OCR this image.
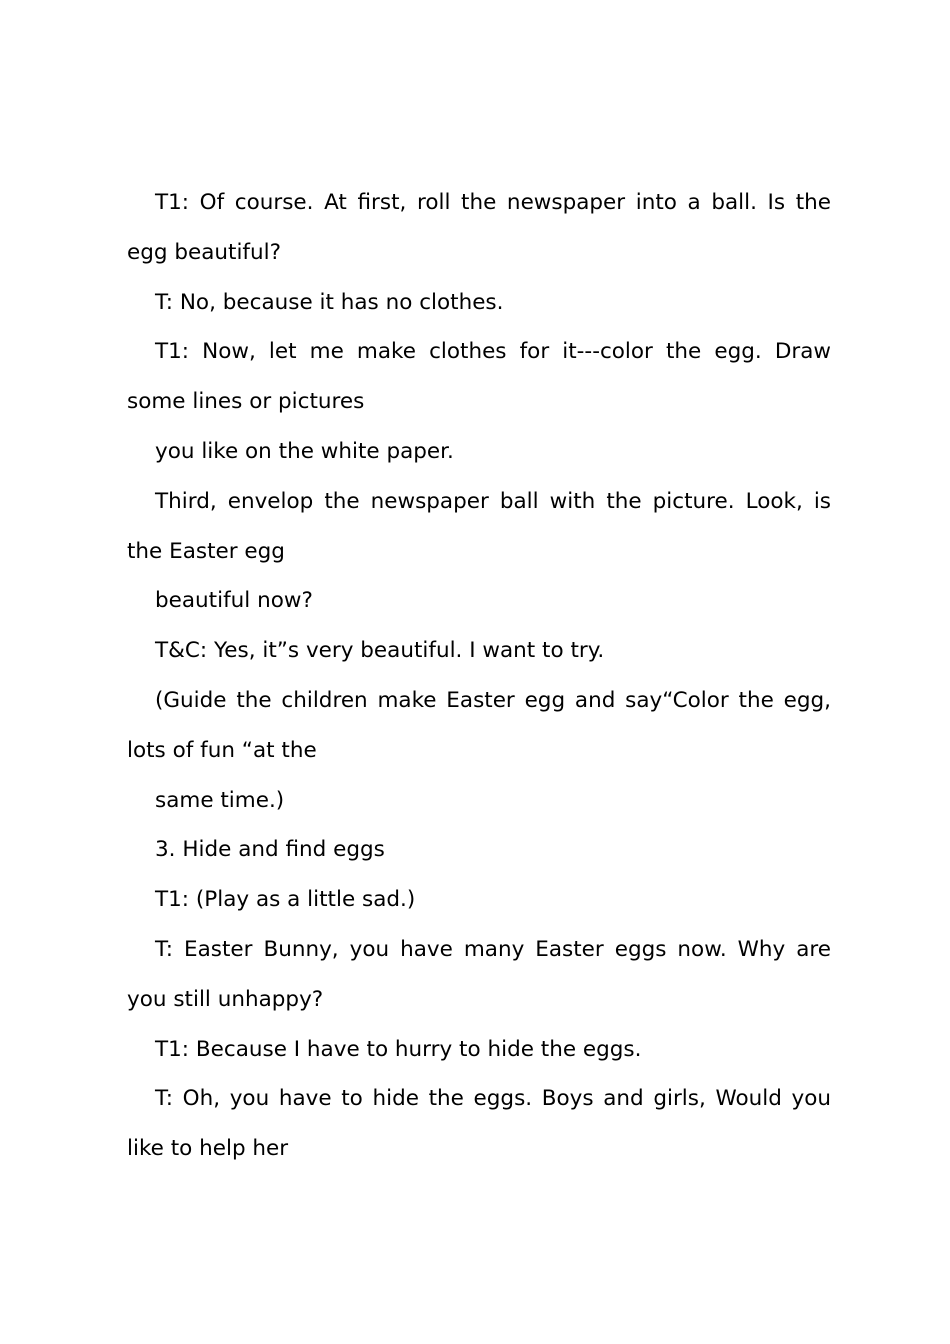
T1: Of course. At first, roll the newspaper into a ball. Is the egg beautiful?

T: No, because it has no clothes.

T1: Now, let me make clothes for it---color the egg. Draw some lines or pictures

you like on the white paper.

Third, envelop the newspaper ball with the picture. Look, is the Easter egg

beautiful now?

T&C: Yes, it”s very beautiful. I want to try.

(Guide the children make Easter egg and say“Color the egg, lots of fun “at the

same time.)

3. Hide and find eggs

T1: (Play as a little sad.)

T: Easter Bunny, you have many Easter eggs now. Why are you still unhappy?

T1: Because I have to hurry to hide the eggs.

T: Oh, you have to hide the eggs. Boys and girls, Would you like to help her
